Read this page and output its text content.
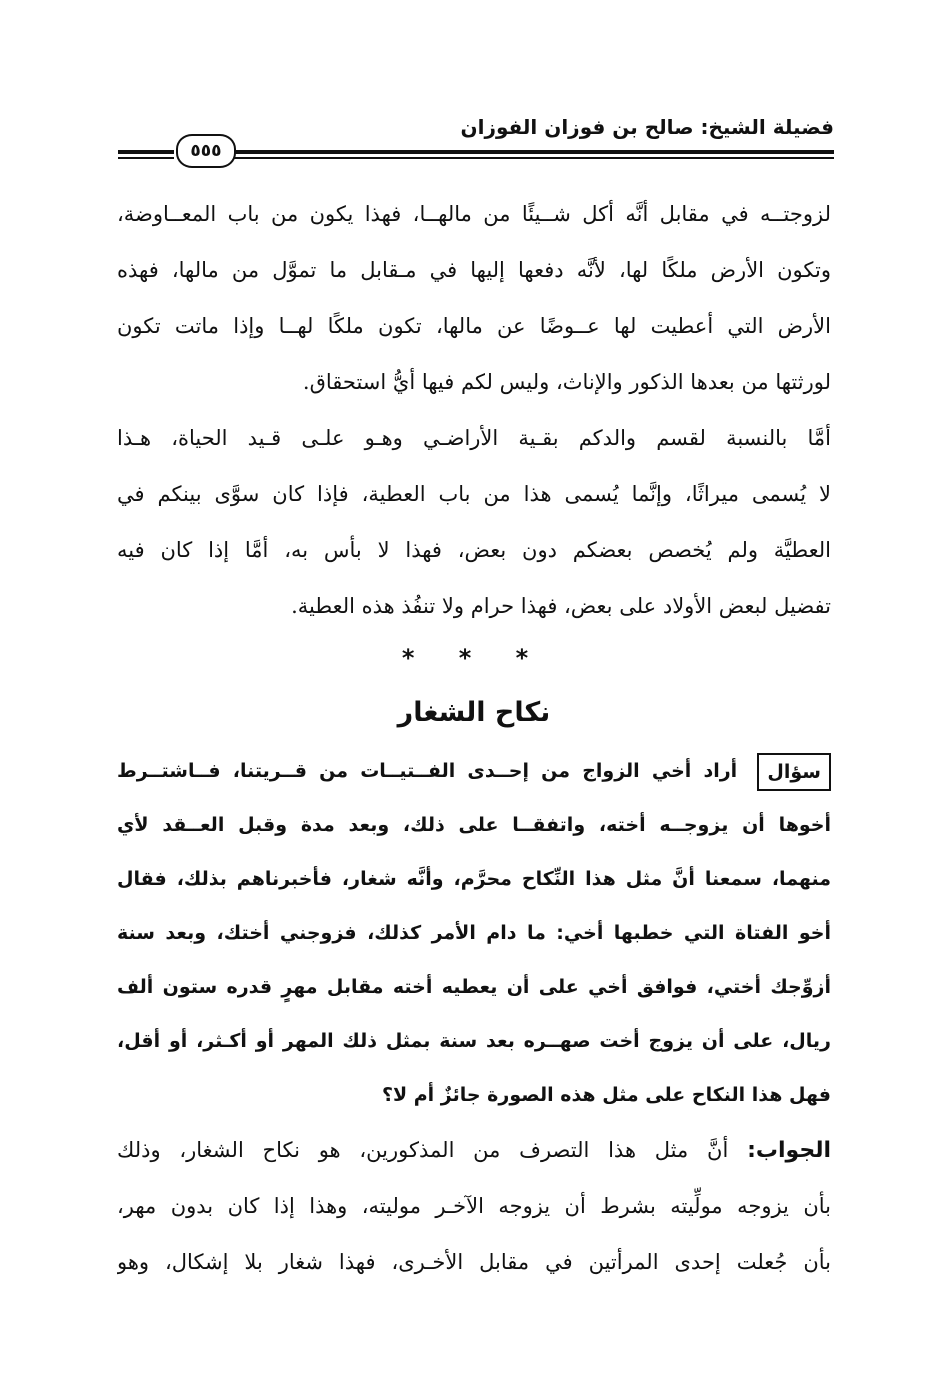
فضيلة الشيخ: صالح بن فوزان الفوزان
٥٥٥
لزوجتــه في مقابل أنَّه أكل شــيئًا من مالهــا، فهذا يكون من باب المعــاوضة،
وتكون الأرض ملكًا لها، لأنَّه دفعها إليها في مـقابل ما تموَّل من مالها، فهذه
الأرض التي أعطيت لها عــوضًا عن مالها، تكون ملكًا لهــا وإذا ماتت تكون
لورثتها من بعدها الذكور والإناث، وليس لكم فيها أيُّ استحقاق.
أمَّا بالنسبة لقسم والدكم بقـية الأراضـي وهـو علـى قـيد الحياة، هـذا
لا يُسمى ميراثًا، وإنَّما يُسمى هذا من باب العطية، فإذا كان سوَّى بينكم في
العطيَّة ولم يُخصص بعضكم دون بعض، فهذا لا بأس به، أمَّا إذا كان فيه
تفضيل لبعض الأولاد على بعض، فهذا حرام ولا تنفُذ هذه العطية.
* * *
نكاح الشغار
سؤال أراد أخي الزواج من إحــدى الفــتيــات من قــريتنا، فــاشتــرط
أخوها أن يزوجــه أخته، واتفقــا على ذلك، وبعد مدة وقبل العــقد لأي
منهما، سمعنا أنَّ مثل هذا النِّكاح محرَّم، وأنَّه شغار، فأخبرناهم بذلك، فقال
أخو الفتاة التي خطبها أخي: ما دام الأمر كذلك، فزوجني أختك، وبعد سنة
أزوِّجك أختي، فوافق أخي على أن يعطيه أخته مقابل مهرٍ قدره ستون ألف
ريال، على أن يزوج أخت صهــره بعد سنة بمثل ذلك المهر أو أكـثر، أو أقل،
فهل هذا النكاح على مثل هذه الصورة جائزٌ أم لا؟
الجواب: أنَّ مثل هذا التصرف من المذكورين، هو نكاح الشغار، وذلك
بأن يزوجه مولِّيته بشرط أن يزوجه الآخـر موليته، وهذا إذا كان بدون مهر،
بأن جُعلت إحدى المرأتين في مقابل الأخـرى، فهذا شغار بلا إشكال، وهو
